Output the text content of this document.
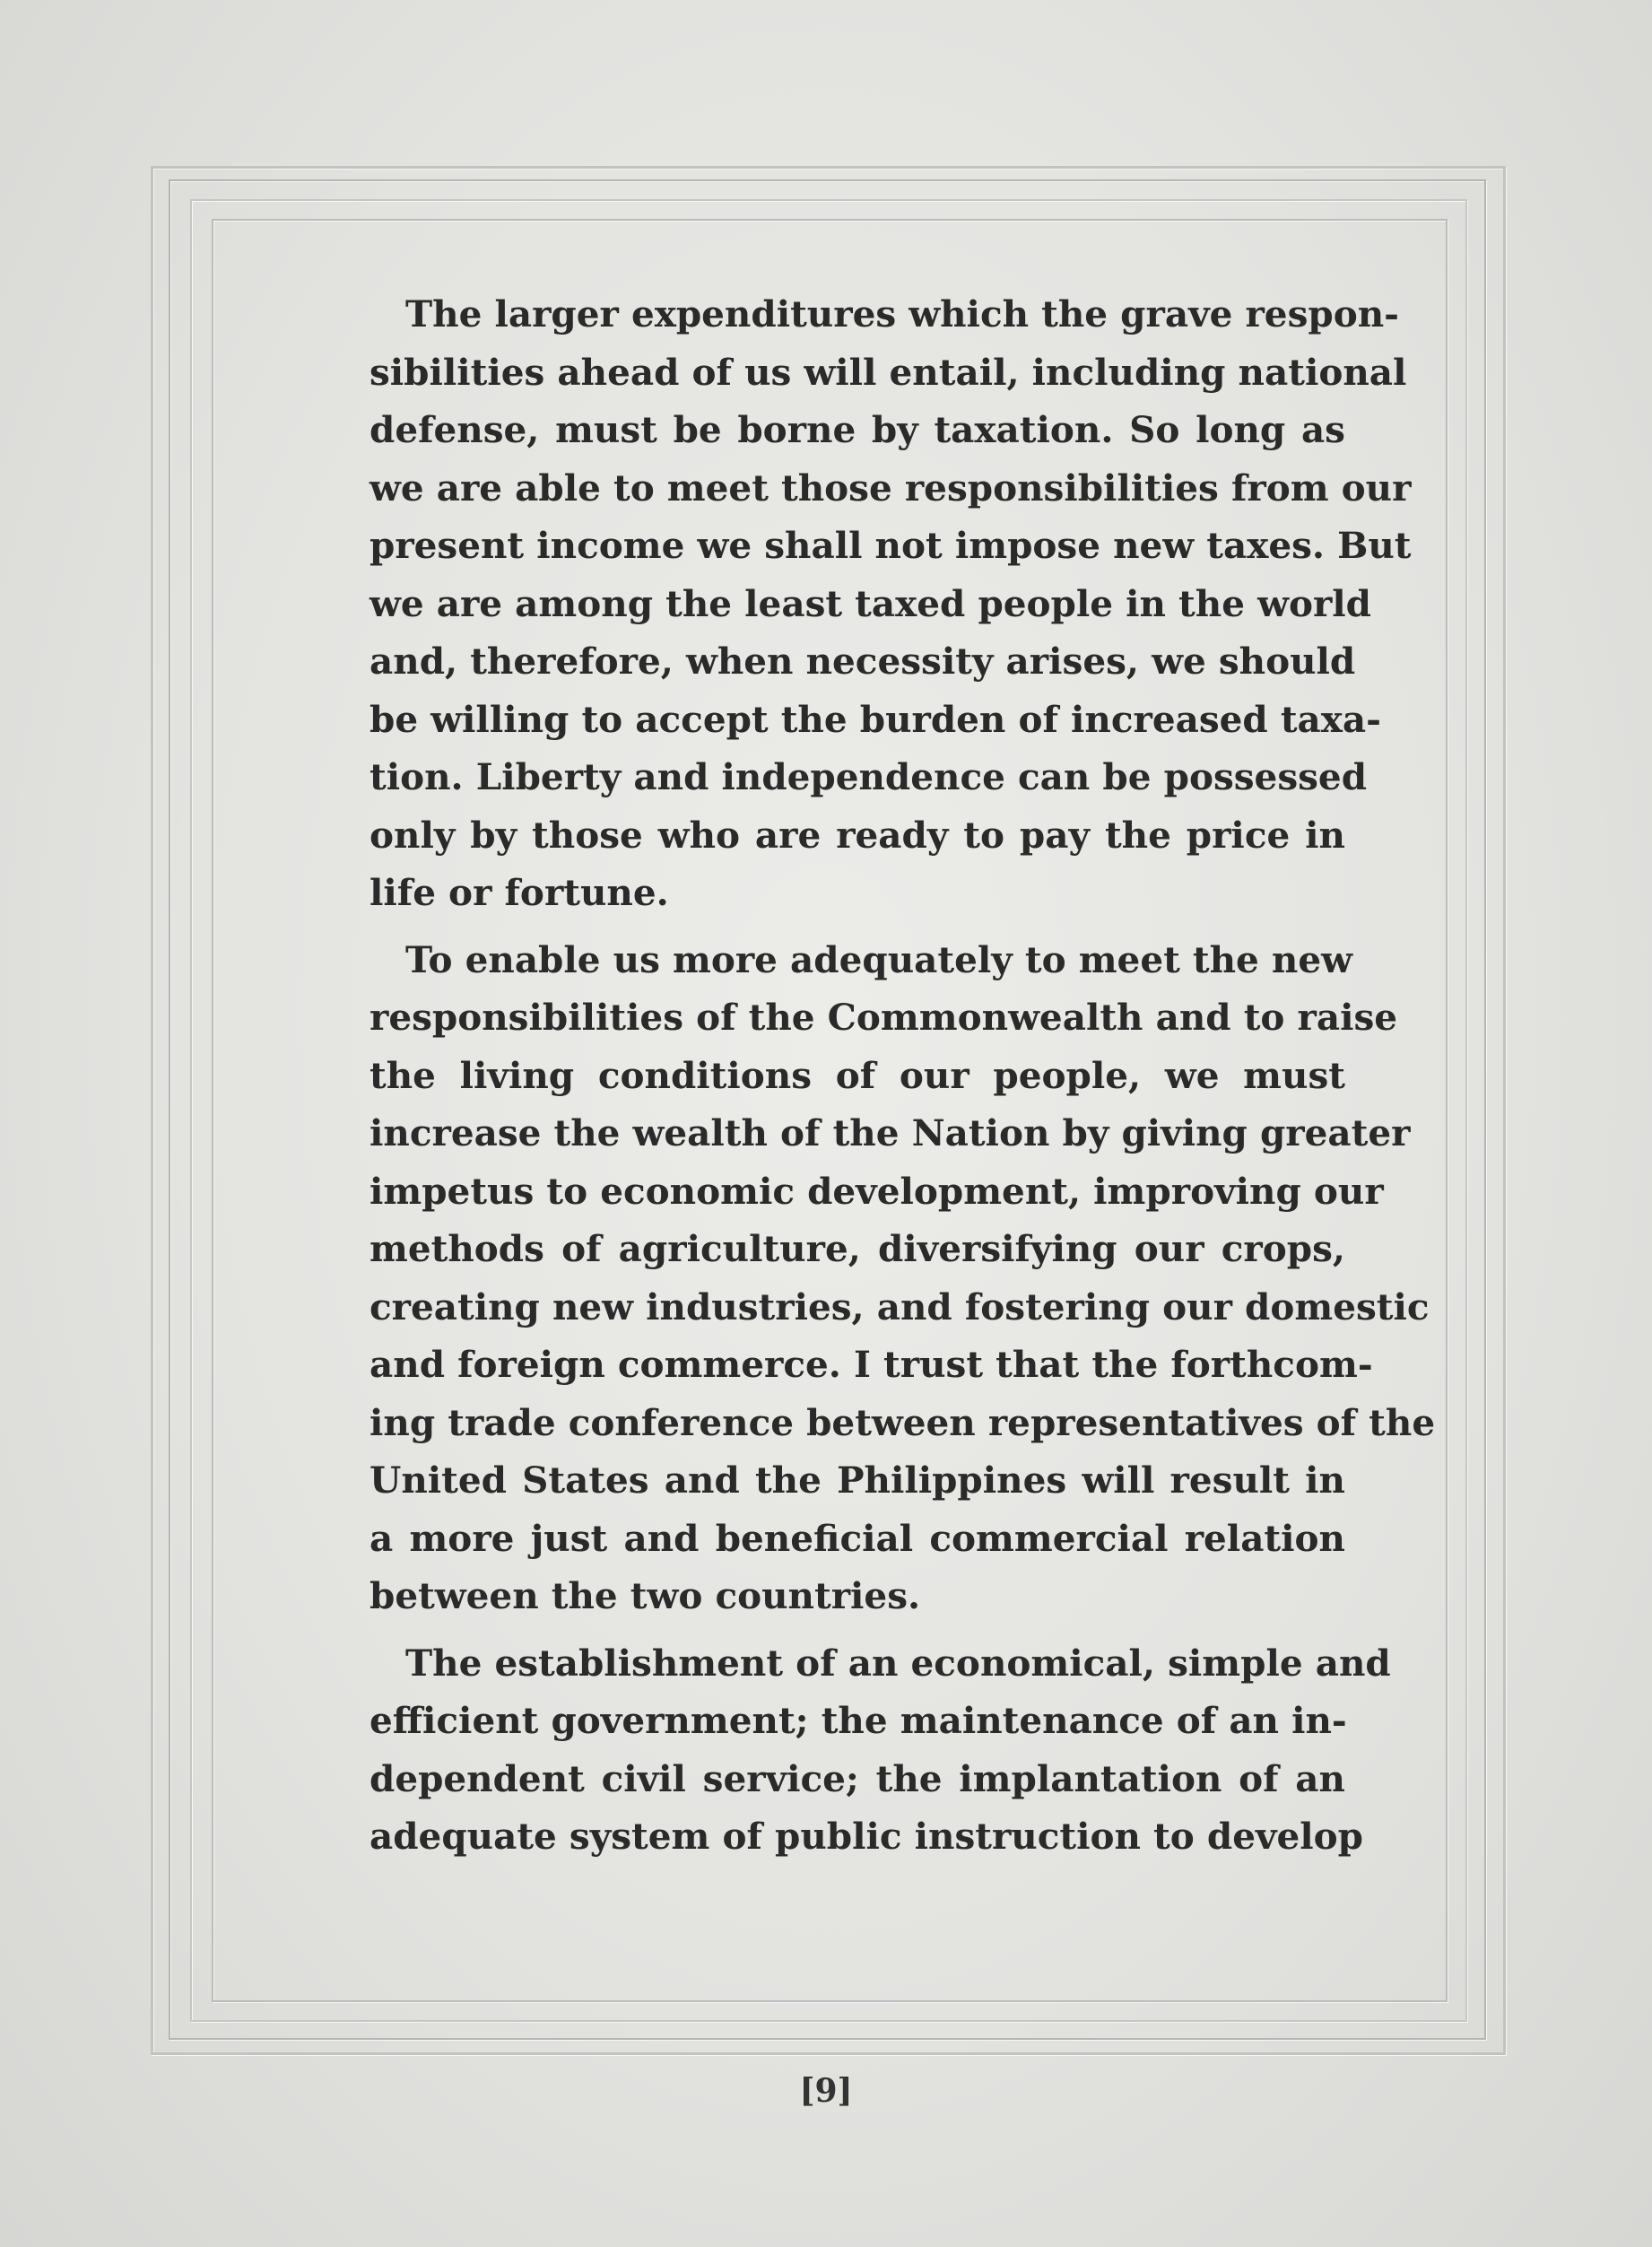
The larger expenditures which the grave respon-
sibilities ahead of us will entail, including national
defense, must be borne by taxation. So long as
we are able to meet those responsibilities from our
present income we shall not impose new taxes. But
we are among the least taxed people in the world
and, therefore, when necessity arises, we should
be willing to accept the burden of increased taxa-
tion. Liberty and independence can be possessed
only by those who are ready to pay the price in
life or fortune.
To enable us more adequately to meet the new
responsibilities of the Commonwealth and to raise
the living conditions of our people, we must
increase the wealth of the Nation by giving greater
impetus to economic development, improving our
methods of agriculture, diversifying our crops,
creating new industries, and fostering our domestic
and foreign commerce. I trust that the forthcom-
ing trade conference between representatives of the
United States and the Philippines will result in
a more just and beneficial commercial relation
between the two countries.
The establishment of an economical, simple and
efficient government; the maintenance of an in-
dependent civil service; the implantation of an
adequate system of public instruction to develop
[9]
